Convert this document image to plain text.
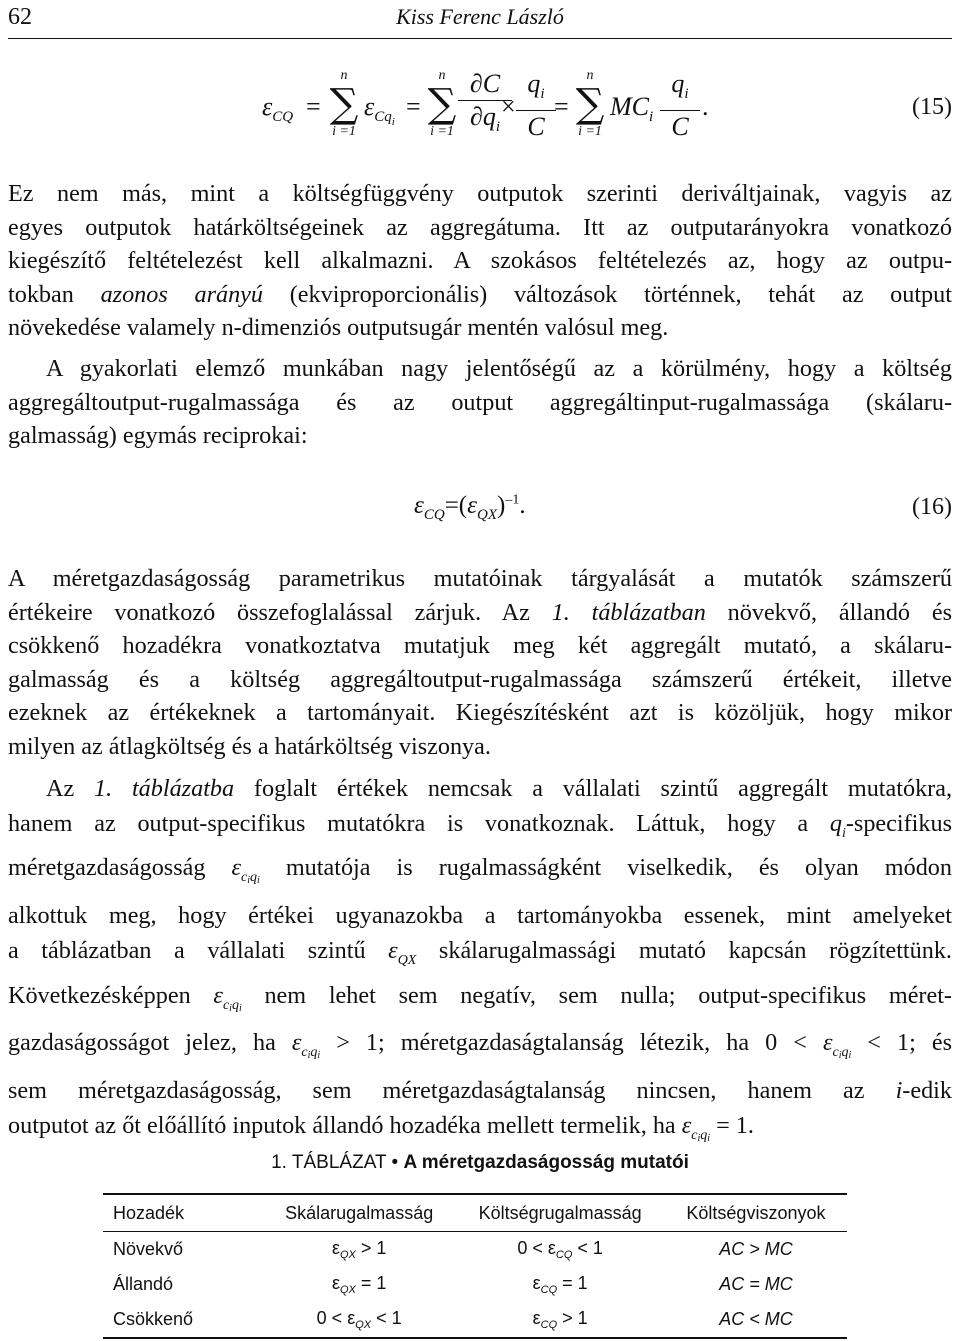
62	Kiss Ferenc László
$\varepsilon_{CQ}$ =
n
∑
i =1
$\varepsilon_{Cq_i}$
=
n
∑
$i =1 \frac{\partial C}{\partial q_i}$
× $\frac{q_i}{C}$
=
n
∑
i =1
$MC_i \frac{q_i}{C}$ .	(15)
Ez nem más, mint a költségfüggvény outputok szerinti deriváltjainak, vagyis az
egyes outputok határköltségeinek az aggregátuma. Itt az outputarányokra vonatkozó
kiegészítő feltételezést kell alkalmazni. A szokásos feltételezés az, hogy az outpu-
tokban azonos arányú (ekviproporcionális) változások történnek, tehát az output
növekedése valamely n-dimenziós outputsugár mentén valósul meg.
A gyakorlati elemző munkában nagy jelentőségű az a körülmény, hogy a költség
aggregáltoutput-rugalmassága és az output aggregáltinput-rugalmassága (skálaru-
galmasság) egymás reciprokai:
$\varepsilon_{CQ}=(\varepsilon_{QX})^{-1}$.	(16)
A méretgazdaságosság parametrikus mutatóinak tárgyalását a mutatók számszerű
értékeire vonatkozó összefoglalással zárjuk. Az 1. táblázatban növekvő, állandó és
csökkenő hozadékra vonatkoztatva mutatjuk meg két aggregált mutató, a skálaru-
galmasság és a költség aggregáltoutput-rugalmassága számszerű értékeit, illetve
ezeknek az értékeknek a tartományait. Kiegészítésként azt is közöljük, hogy mikor
milyen az átlagköltség és a határköltség viszonya.
Az 1. táblázatba foglalt értékek nemcsak a vállalati szintű aggregált mutatókra,
hanem az output-specifikus mutatókra is vonatkoznak. Láttuk, hogy a $q_i$-specifikus
méretgazdaságosság $\varepsilon_{c_iq_i}$ mutatója is rugalmasságként viselkedik, és olyan módon
alkottuk meg, hogy értékei ugyanazokba a tartományokba essenek, mint amelyeket
a táblázatban a vállalati szintű $\varepsilon_{QX}$ skálarugalmassági mutató kapcsán rögzítettünk.
Következésképpen $\varepsilon_{c_iq_i}$ nem lehet sem negatív, sem nulla; output-specifikus méret-
gazdaságosságot jelez, ha $\varepsilon_{c_iq_i} > 1$; méretgazdaságtalanság létezik, ha $0 < \varepsilon_{c_iq_i} < 1$; és
sem méretgazdaságosság, sem méretgazdaságtalanság nincsen, hanem az i-edik
outputot az őt előállító inputok állandó hozadéka mellett termelik, ha $\varepsilon_{c_iq_i} = 1$.
1. TÁBLÁZAT • A méretgazdaságosság mutatói
Hozadék	Skálarugalmasság	Költségrugalmasság	Költségviszonyok
Növekvő	$\varepsilon_{QX} > 1$	$0 < \varepsilon_{CQ} < 1$	AC > MC
Állandó	$\varepsilon_{QX} = 1$	$\varepsilon_{CQ} = 1$	AC = MC
Csökkenő	$0 < \varepsilon_{QX} < 1$	$\varepsilon_{CQ} > 1$	AC < MC
